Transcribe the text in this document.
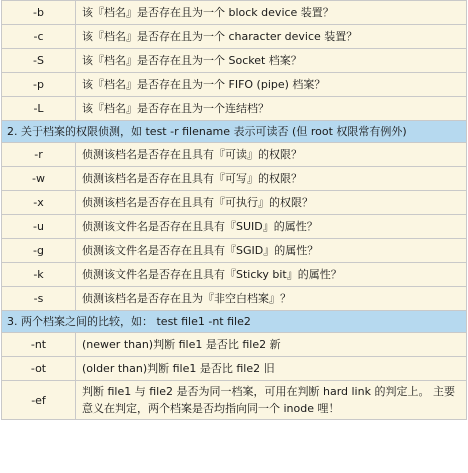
-b	该『档名』是否存在且为一个 block device 装置？
-c	该『档名』是否存在且为一个 character device 装置？
-S	该『档名』是否存在且为一个 Socket 档案？
-p	该『档名』是否存在且为一个 FIFO (pipe) 档案？
-L	该『档名』是否存在且为一个连结档？
2. 关于档案的权限侦测，如 test -r filename 表示可读否 (但 root 权限常有例外)	
-r	侦测该档名是否存在且具有『可读』的权限？
-w	侦测该档名是否存在且具有『可写』的权限？
-x	侦测该档名是否存在且具有『可执行』的权限？
-u	侦测该文件名是否存在且具有『SUID』的属性？
-g	侦测该文件名是否存在且具有『SGID』的属性？
-k	侦测该文件名是否存在且具有『Sticky bit』的属性？
-s	侦测该档名是否存在且为『非空白档案』？
3. 两个档案之间的比较，如： test file1 -nt file2	
-nt	(newer than)判断 file1 是否比 file2 新
-ot	(older than)判断 file1 是否比 file2 旧
-ef	判断 file1 与 file2 是否为同一档案，可用在判断 hard link 的判定上。 主要意义在判定，两个档案是否均指向同一个 inode 哩！
